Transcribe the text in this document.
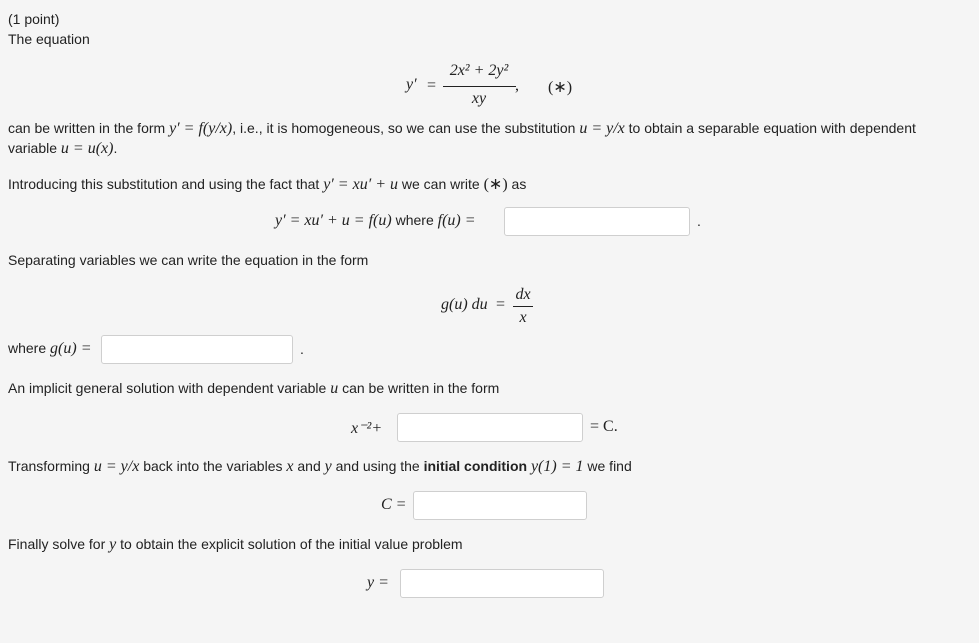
(1 point)
The equation
y′ =
2x² + 2y²
xy
, (∗)
can be written in the form y′ = f(y/x), i.e., it is homogeneous, so we can use the substitution u = y/x to obtain a separable equation with dependent
variable u = u(x).
Introducing this substitution and using the fact that y′ = xu′ + u we can write (∗) as
y′ = xu′ + u = f(u) where f(u) =	.
Separating variables we can write the equation in the form
g(u) du =
dx
x
where g(u) =	.
An implicit general solution with dependent variable u can be written in the form
x⁻²+	= C.
Transforming u = y/x back into the variables x and y and using the initial condition y(1) = 1 we find
C =
Finally solve for y to obtain the explicit solution of the initial value problem
y =
